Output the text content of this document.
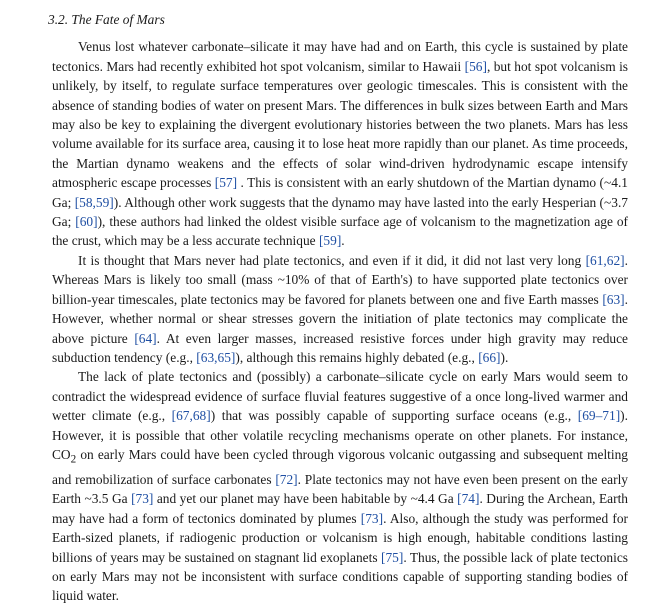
3.2. The Fate of Mars

Venus lost whatever carbonate–silicate it may have had and on Earth, this cycle is sustained by plate tectonics. Mars had recently exhibited hot spot volcanism, similar to Hawaii [56], but hot spot volcanism is unlikely, by itself, to regulate surface temperatures over geologic timescales. This is consistent with the absence of standing bodies of water on present Mars. The differences in bulk sizes between Earth and Mars may also be key to explaining the divergent evolutionary histories between the two planets. Mars has less volume available for its surface area, causing it to lose heat more rapidly than our planet. As time proceeds, the Martian dynamo weakens and the effects of solar wind-driven hydrodynamic escape intensify atmospheric escape processes [57] . This is consistent with an early shutdown of the Martian dynamo (~4.1 Ga; [58,59]). Although other work suggests that the dynamo may have lasted into the early Hesperian (~3.7 Ga; [60]), these authors had linked the oldest visible surface age of volcanism to the magnetization age of the crust, which may be a less accurate technique [59].

It is thought that Mars never had plate tectonics, and even if it did, it did not last very long [61,62]. Whereas Mars is likely too small (mass ~10% of that of Earth's) to have supported plate tectonics over billion-year timescales, plate tectonics may be favored for planets between one and five Earth masses [63]. However, whether normal or shear stresses govern the initiation of plate tectonics may complicate the above picture [64]. At even larger masses, increased resistive forces under high gravity may reduce subduction tendency (e.g., [63,65]), although this remains highly debated (e.g., [66]).

The lack of plate tectonics and (possibly) a carbonate–silicate cycle on early Mars would seem to contradict the widespread evidence of surface fluvial features suggestive of a once long-lived warmer and wetter climate (e.g., [67,68]) that was possibly capable of supporting surface oceans (e.g., [69–71]). However, it is possible that other volatile recycling mechanisms operate on other planets. For instance, $CO_2$ on early Mars could have been cycled through vigorous volcanic outgassing and subsequent melting and remobilization of surface carbonates [72]. Plate tectonics may not have even been present on the early Earth ~3.5 Ga [73] and yet our planet may have been habitable by ~4.4 Ga [74]. During the Archean, Earth may have had a form of tectonics dominated by plumes [73]. Also, although the study was performed for Earth-sized planets, if radiogenic production or volcanism is high enough, habitable conditions lasting billions of years may be sustained on stagnant lid exoplanets [75]. Thus, the possible lack of plate tectonics on early Mars may not be inconsistent with surface conditions capable of supporting standing bodies of liquid water.
